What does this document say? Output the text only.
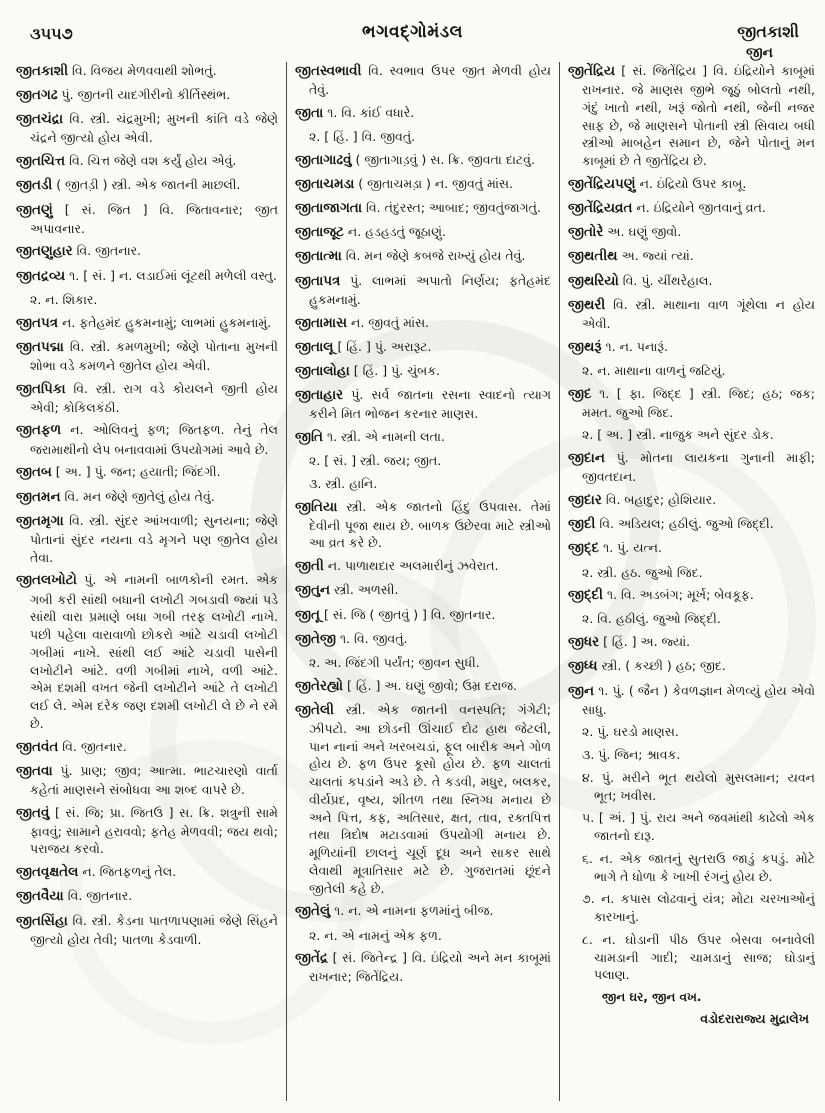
૩૫૫૭	ભગવદ્ગોમંડલ	જીતકાશી
જીન

જીતકાશી વિ. વિજય મેળવવાથી શોભતું.

જીતગઢ પું. જીતની યાદગીરીનો કીર્તિસ્થંભ.

જીતચંદ્રા વિ. સ્ત્રી. ચંદ્રમુખી; મુખની કાંતિ વડે જેણે ચંદ્રને જીત્યો હોય એવી.

જીતચિત્ત વિ. ચિત્ત જેણે વશ કર્યું હોય એવું.

જીતડી ( જીતડ઼ી ) સ્ત્રી. એક જાતની માછલી.

જીતણું [ સં. જિત ] વિ. જિતાવનાર; જીત અપાવનાર.

જીતણુહાર વિ. જીતનાર.

જીતદ્રવ્ય ૧. [ સં. ] ન. લડાઈમાં લૂંટથી મળેલી વસ્તુ.

૨. ન. શિકાર.

જીતપત્ર ન. ફતેહમંદ હુકમનામું; લાભમાં હુકમનામું.

જીતપદ્મા વિ. સ્ત્રી. કમળમુખી; જેણે પોતાના મુખની શોભા વડે કમળને જીતેલ હોય એવી.

જીતપિકા વિ. સ્ત્રી. રાગ વડે કોયલને જીતી હોય એવી; કોકિલકંઠી.

જીતફળ ન. ઓલિવનું ફળ; જિતફળ. તેનું તેલ જરામાથીનો લેપ બનાવવામાં ઉપયોગમાં આવે છે.

જીતબ [ અ. ] પું. જન; હયાતી; જિંદગી.

જીતમન વિ. મન જેણે જીતેલું હોય તેવું.

જીતમૃગા વિ. સ્ત્રી. સુંદર આંખવાળી; સુનયના; જેણે પોતાનાં સુંદર નયના વડે મૃગને પણ જીતેલ હોય તેવા.

જીતલખોટો પું. એ નામની બાળકોની રમત. એક ગબી કરી સાંથી બધાની લખોટી ગબડાવી જ્યાં પડે સાંથી વારા પ્રમાણે બધા ગબી તરફ લખોટી નાખે. પછી પહેલા વારાવાળો છોકરો આંટે ચડાવી લખોટી ગબીમાં નાખે. સાંથી લઈ આંટે ચડાવી પાસેની લખોટીને આંટે. વળી ગબીમાં નાખે, વળી આંટે. એમ દશમી વખત જેની લખોટીને આંટે તે લખોટી લઈ લે. એમ દરેક જણ દશમી લખોટી લે છે ને રમે છે.

જીતવંત વિ. જીતનાર.

જીતવા પું. પ્રાણ; જીવ; આત્મા. ભાટચારણો વાર્તા કહેતાં માણસને સંબોધવા આ શબ્દ વાપરે છે.

જીતવું [ સં. જિ; પ્રા. જિતઉ ] સ. ક્રિ. શત્રુની સામે ફાવવું; સામાને હરાવવો; ફતેહ મેળવવી; જય થવો; પરાજય કરવો.

જીતવૃક્ષતેલ ન. જિતફળનું તેલ.

જીતવૈયા વિ. જીતનાર.

જીતસિંહા વિ. સ્ત્રી. કેડના પાતળાપણામાં જેણે સિંહને જીત્યો હોય તેવી; પાતળા કેડવાળી.

જીતસ્વભાવી વિ. સ્વભાવ ઉપર જીત મેળવી હોય તેવું.

જીતા ૧. વિ. કાંઈ વધારે.

૨. [ હિં. ] વિ. જીવતું.

જીતાગાઢવું ( જીતાગાડ઼વું ) સ. ક્રિ. જીવતા દાટવું.

જીતાચમડા ( જીતાચમડ઼ા ) ન. જીવતું માંસ.

જીતાજાગતા વિ. તંદુરસ્ત; આબાદ; જીવતુંજાગતું.

જીતાજૂટ ન. હડહડતું જૂઠાણું.

જીતાત્મા વિ. મન જેણે કબજે રાખ્યું હોય તેવું.

જીતાપત્ર પું. લાભમાં અપાતો નિર્ણય; ફતેહમંદ હુકમનામું.

જીતામાસ ન. જીવતું માંસ.

જીતાલૂ [ હિં. ] પું. અરારૂટ.

જીતાલોહા [ હિં. ] પું. ચુંબક.

જીતાહાર પું. સર્વ જાતના રસના સ્વાદનો ત્યાગ કરીને મિત ભોજન કરનાર માણસ.

જીતિ ૧. સ્ત્રી. એ નામની લતા.

૨. [ સં. ] સ્ત્રી. જય; જીત.

૩. સ્ત્રી. હાનિ.

જીતિયા સ્ત્રી. એક જાતનો હિંદુ ઉપવાસ. તેમાં દેવીની પૂજા થાય છે. બાળક ઉછેરવા માટે સ્ત્રીઓ આ વ્રત કરે છે.

જીતી ન. પાળાથદાર અલમારીનું ઝવેરાત.

જીતુન સ્ત્રી. અળસી.

જીતૂ [ સં. જિ ( જીતવું ) ] વિ. જીતનાર.

જીતેજી ૧. વિ. જીવતું.

૨. અ. જિંદગી પર્યંત; જીવન સુધી.

જીતેરહ્યો [ હિં. ] અ. ઘણું જીવો; ઉમ્ર દરાજ.

જીતેલી સ્ત્રી. એક જાતની વનસ્પતિ; ગંગેટી; ઝીપટો. આ છોડની ઊંચાઈ દોઢ હાથ જેટલી, પાન નાનાં અને ખરબચડાં, ફૂલ બારીક અને ગોળ હોય છે. ફળ ઉપર કૂસો હોય છે. ફળ ચાલતાં ચાલતાં કપડાંને અડે છે. તે કડવી, મધુર, બલકર, વીર્યપ્રદ, વૃષ્ય, શીતળ તથા સ્નિગ્ધ મનાય છે અને પિત્ત, કફ, અતિસાર, ક્ષત, તાવ, રક્તપિત્ત તથા ત્રિદોષ મટાડવામાં ઉપયોગી મનાય છે. મૂળિયાંની છાલનું ચૂર્ણ દૂધ અને સાકર સાથે લેવાથી મૂત્રાતિસાર મટે છે. ગુજરાતમાં છૂંદને જીતેલી કહે છે.

જીતેલું ૧. ન. એ નામના ફળમાંનું બીજ.

૨. ન. એ નામનું એક ફળ.

જીતેંદ્ર [ સં. જિતેન્દ્ર ] વિ. ઇંદ્રિયો અને મન કાબૂમાં રાખનાર; જિતેંદ્રિય.

જીતેંદ્રિય [ સં. જિતેંદ્રિય ] વિ. ઇંદ્રિયોને કાબૂમાં રાખનાર. જે માણસ જીભે જૂઠું બોલતો નથી, ગંદું ખાતો નથી, ખરૂં જોતો નથી, જેની નજર સાફ છે, જે માણસને પોતાની સ્ત્રી સિવાય બધી સ્ત્રીઓ માબહેન સમાન છે, જેને પોતાનું મન કાબૂમાં છે તે જીતેંદ્રિય છે.

જીતેંદ્રિયપણું ન. ઇંદ્રિયો ઉપર કાબૂ.

જીતેંદ્રિયવ્રત ન. ઇંદ્રિયોને જીતવાનું વ્રત.

જીતોરે અ. ઘણું જીવો.

જીથતીથ અ. જ્યાં ત્યાં.

જીથરિયો વિ. પું. ચીંથરેહાલ.

જીથરી વિ. સ્ત્રી. માથાના વાળ ગૂંથેલા ન હોય એવી.

જીથરૂં ૧. ન. પનારૂં.

૨. ન. માથાના વાળનું જટિયું.

જીદ ૧. [ ફા. જિદ્દ ] સ્ત્રી. જિદ; હઠ; જક; મમત. જુઓ જિદ.

૨. [ અ. ] સ્ત્રી. નાજુક અને સુંદર ડોક.

જીદાન પું. મોતના લાયકના ગુનાની માફી; જીવતદાન.

જીદાર વિ. બહાદુર; હોશિયાર.

જીદી વિ. અડિયલ; હઠીલું. જુઓ જિદ્દી.

જીદ્દ ૧. પું. યત્ન.

૨. સ્ત્રી. હઠ. જુઓ જિદ.

જીદ્દી ૧. વિ. અડબંગ; મૂર્ખ; બેવકૂફ.

૨. વિ. હઠીલું. જુઓ જિદ્દી.

જીધર [ હિં. ] અ. જ્યાં.

જીધ્ધ સ્ત્રી. ( કચ્છી ) હઠ; જીદ.

જીન ૧. પું. ( જૈન ) કેવળજ્ઞાન મેળવ્યું હોય એવો સાધુ.

૨. પું. ઘરડો માણસ.

૩. પું. જિન; શ્રાવક.

૪. પું. મરીને ભૂત થયેલો મુસલમાન; યવન ભૂત; ખવીસ.

૫. [ અં. ] પું. રાય અને જવમાંથી કાઢેલો એક જાતનો દારૂ.

૬. ન. એક જાતનું સુતરાઉ જાડું કપડું. મોટે ભાગે તે ધોળા કે ખાખી રંગનું હોય છે.

૭. ન. કપાસ લોઢવાનું યંત્ર; મોટા ચરખાઓનું કારખાનું.

૮. ન. ઘોડાની પીઠ ઉપર બેસવા બનાવેલી ચામડાની ગાદી; ચામડાનું સાજ; ઘોડાનું પલાણ.

જીન ઘર, જીન વખ.

વડોદરારાજ્ય મુદ્રાલેખ
